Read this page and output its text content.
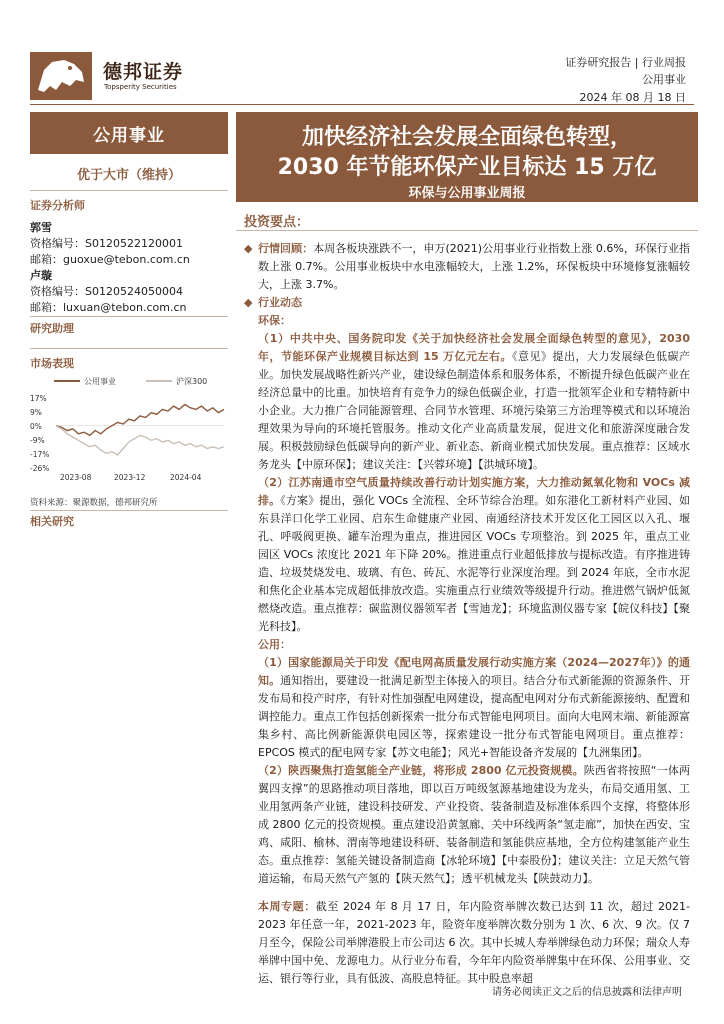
德邦证券
Topsperity Securities
证券研究报告 | 行业周报
公用事业
2024 年 08 月 18 日
公用事业
优于大市（维持）
证券分析师
郭雪
资格编号：S0120522120001
邮箱：guoxue@tebon.com.cn
卢璇
资格编号：S0120524050004
邮箱：luxuan@tebon.com.cn
研究助理
市场表现
公用事业	沪深300
17%
9%
0%
-9%
-17%
-26%
2023-08	2023-12	2024-04
资料来源：聚源数据，德邦研究所
相关研究
加快经济社会发展全面绿色转型，
2030 年节能环保产业目标达 15 万亿
环保与公用事业周报
投资要点：

◆ 行情回顾：本周各板块涨跌不一，申万(2021)公用事业行业指数上涨 0.6%，环保行业指数上涨 0.7%。公用事业板块中水电涨幅较大，上涨 1.2%，环保板块中环境修复涨幅较大，上涨 3.7%。

◆ 行业动态

环保：

（1）中共中央、国务院印发《关于加快经济社会发展全面绿色转型的意见》，2030 年，节能环保产业规模目标达到 15 万亿元左右。《意见》提出，大力发展绿色低碳产业。加快发展战略性新兴产业，建设绿色制造体系和服务体系，不断提升绿色低碳产业在经济总量中的比重。加快培育有竞争力的绿色低碳企业，打造一批领军企业和专精特新中小企业。大力推广合同能源管理、合同节水管理、环境污染第三方治理等模式和以环境治理效果为导向的环境托管服务。推动文化产业高质量发展，促进文化和旅游深度融合发展。积极鼓励绿色低碳导向的新产业、新业态、新商业模式加快发展。重点推荐：区域水务龙头【中原环保】；建议关注：【兴蓉环境】【洪城环境】。

（2）江苏南通市空气质量持续改善行动计划实施方案，大力推动氮氧化物和 VOCs 减排。《方案》提出，强化 VOCs 全流程、全环节综合治理。如东港化工新材料产业园、如东县洋口化学工业园、启东生命健康产业园、南通经济技术开发区化工园区以入孔、堰孔、呼吸阀更换、罐车治理为重点，推进园区 VOCs 专项整治。到 2025 年，重点工业园区 VOCs 浓度比 2021 年下降 20%。推进重点行业超低排放与提标改造。有序推进铸造、垃圾焚烧发电、玻璃、有色、砖瓦、水泥等行业深度治理。到 2024 年底，全市水泥和焦化企业基本完成超低排放改造。实施重点行业绩效等级提升行动。推进燃气锅炉低氮燃烧改造。重点推荐：碳监测仪器领军者【雪迪龙】；环境监测仪器专家【皖仪科技】【聚光科技】。

公用：

（1）国家能源局关于印发《配电网高质量发展行动实施方案（2024—2027年）》的通知。通知指出，要建设一批满足新型主体接入的项目。结合分布式新能源的资源条件、开发布局和投产时序，有针对性加强配电网建设，提高配电网对分布式新能源接纳、配置和调控能力。重点工作包括创新探索一批分布式智能电网项目。面向大电网末端、新能源富集乡村、高比例新能源供电园区等，探索建设一批分布式智能电网项目。重点推荐：EPCOS 模式的配电网专家【苏文电能】；风光+智能设备齐发展的【九洲集团】。

（2）陕西聚焦打造氢能全产业链，将形成 2800 亿元投资规模。陕西省将按照“一体两翼四支撑”的思路推动项目落地，即以百万吨级氢源基地建设为龙头，布局交通用氢、工业用氢两条产业链，建设科技研发、产业投资、装备制造及标准体系四个支撑，将整体形成 2800 亿元的投资规模。重点建设沿黄氢廊、关中环线两条“氢走廊”，加快在西安、宝鸡、咸阳、榆林、渭南等地建设科研、装备制造和氢能供应基地，全方位构建氢能产业生态。重点推荐：氢能关键设备制造商【冰轮环境】【中泰股份】；建议关注：立足天然气管道运输，布局天然气产氢的【陕天然气】；透平机械龙头【陕鼓动力】。

本周专题：截至 2024 年 8 月 17 日，年内险资举牌次数已达到 11 次，超过 2021-2023 年任意一年，2021-2023 年，险资年度举牌次数分别为 1 次、6 次、9 次。仅 7 月至今，保险公司举牌港股上市公司达 6 次。其中长城人寿举牌绿色动力环保；瑞众人寿举牌中国中免、龙源电力。从行业分布看，今年年内险资举牌集中在环保、公用事业、交运、银行等行业，具有低波、高股息特征。其中股息率超

请务必阅读正文之后的信息披露和法律声明
